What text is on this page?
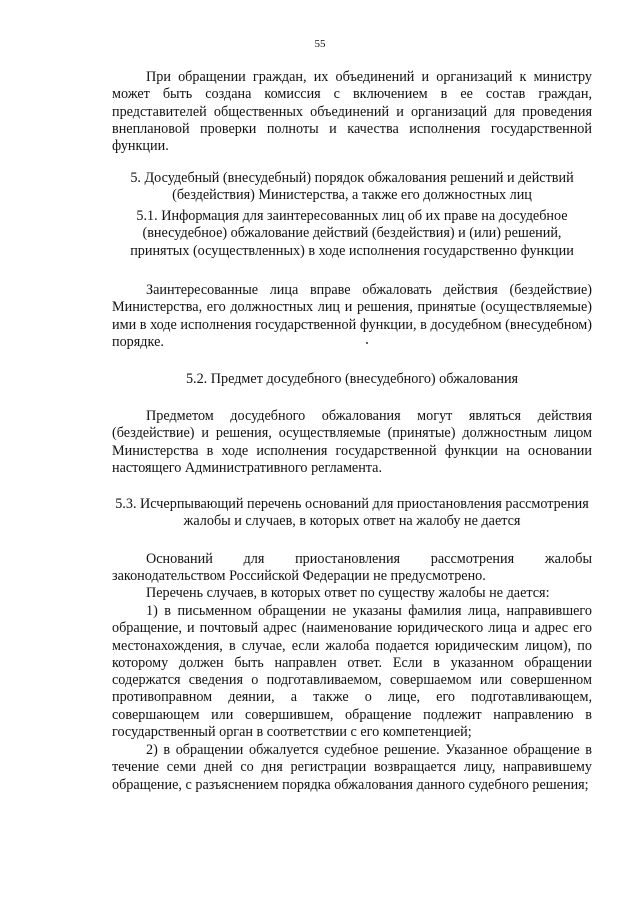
55

При обращении граждан, их объединений и организаций к министру может быть создана комиссия с включением в ее состав граждан, представителей общественных объединений и организаций для проведения внеплановой проверки полноты и качества исполнения государственной функции.

5. Досудебный (внесудебный) порядок обжалования решений и действий (бездействия) Министерства, а также его должностных лиц

5.1. Информация для заинтересованных лиц об их праве на досудебное (внесудебное) обжалование действий (бездействия) и (или) решений, принятых (осуществленных) в ходе исполнения государственно функции

Заинтересованные лица вправе обжаловать действия (бездействие) Министерства, его должностных лиц и решения, принятые (осуществляемые) ими в ходе исполнения государственной функции, в досудебном (внесудебном) порядке.

5.2. Предмет досудебного (внесудебного) обжалования

Предметом досудебного обжалования могут являться действия (бездействие) и решения, осуществляемые (принятые) должностным лицом Министерства в ходе исполнения государственной функции на основании настоящего Административного регламента.

5.3. Исчерпывающий перечень оснований для приостановления рассмотрения жалобы и случаев, в которых ответ на жалобу не дается

Оснований для приостановления рассмотрения жалобы законодательством Российской Федерации не предусмотрено.

Перечень случаев, в которых ответ по существу жалобы не дается:

1) в письменном обращении не указаны фамилия лица, направившего обращение, и почтовый адрес (наименование юридического лица и адрес его местонахождения, в случае, если жалоба подается юридическим лицом), по которому должен быть направлен ответ. Если в указанном обращении содержатся сведения о подготавливаемом, совершаемом или совершенном противоправном деянии, а также о лице, его подготавливающем, совершающем или совершившем, обращение подлежит направлению в государственный орган в соответствии с его компетенцией;

2) в обращении обжалуется судебное решение. Указанное обращение в течение семи дней со дня регистрации возвращается лицу, направившему обращение, с разъяснением порядка обжалования данного судебного решения;
